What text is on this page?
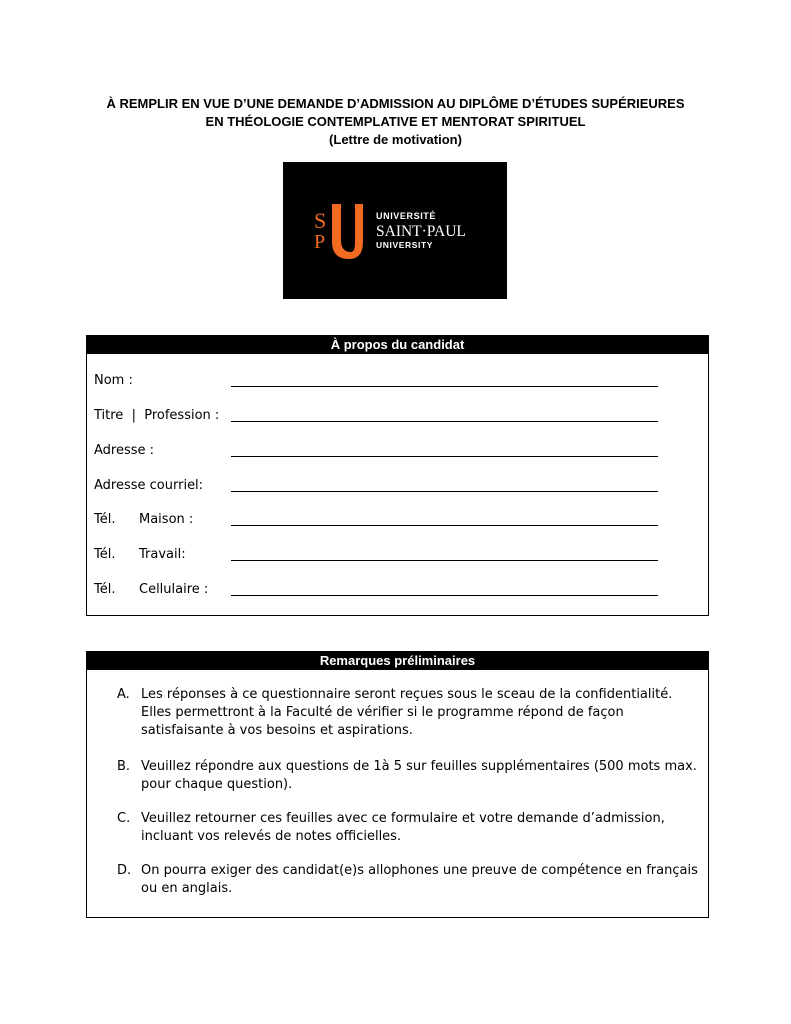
À REMPLIR EN VUE D’UNE DEMANDE D’ADMISSION AU DIPLÔME D’ÉTUDES SUPÉRIEURES
EN THÉOLOGIE CONTEMPLATIVE ET MENTORAT SPIRITUEL
(Lettre de motivation)
S
P
UNIVERSITÉ
SAINT·PAUL
UNIVERSITY
À propos du candidat
Nom :
Titre  |  Profession :
Adresse :
Adresse courriel:
Tél. Maison :
Tél. Travail:
Tél. Cellulaire :
Remarques préliminaires
A. Les réponses à ce questionnaire seront reçues sous le sceau de la confidentialité. Elles permettront à la Faculté de vérifier si le programme répond de façon satisfaisante à vos besoins et aspirations.
B. Veuillez répondre aux questions de 1à 5 sur feuilles supplémentaires (500 mots max. pour chaque question).
C. Veuillez retourner ces feuilles avec ce formulaire et votre demande d’admission, incluant vos relevés de notes officielles.
D. On pourra exiger des candidat(e)s allophones une preuve de compétence en français ou en anglais.
